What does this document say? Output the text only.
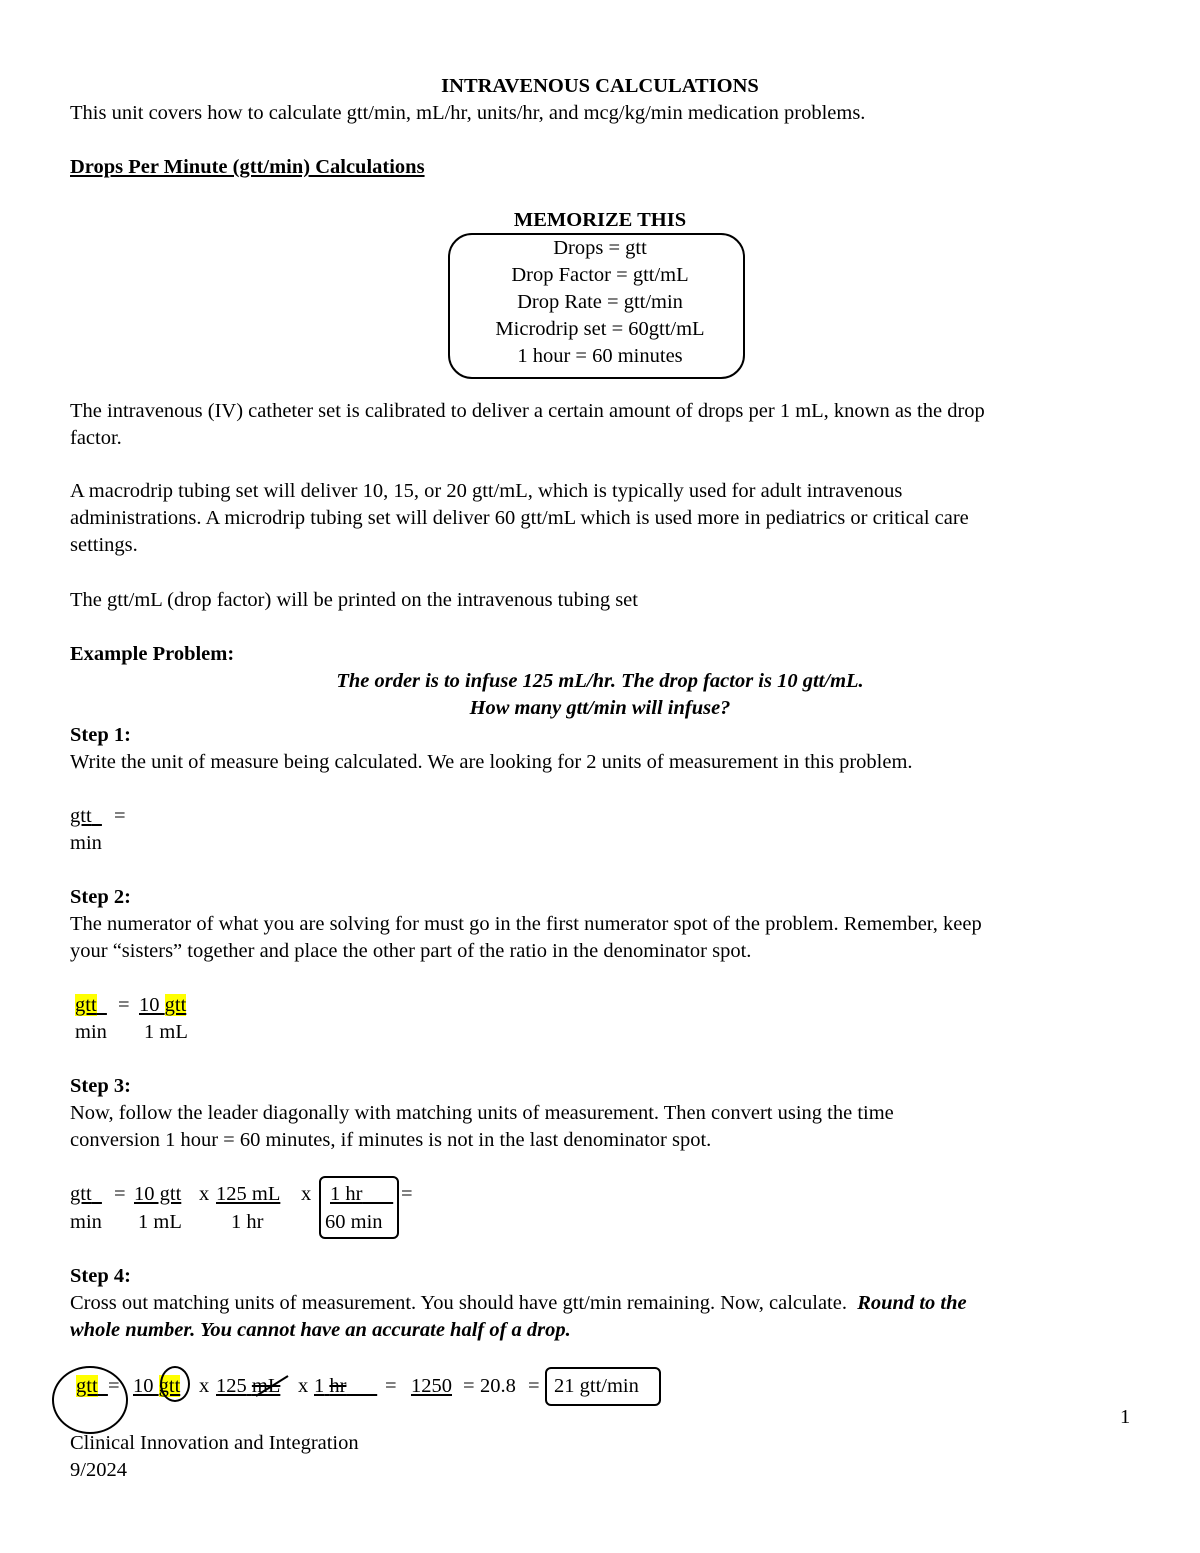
INTRAVENOUS CALCULATIONS
This unit covers how to calculate gtt/min, mL/hr, units/hr, and mcg/kg/min medication problems.
Drops Per Minute (gtt/min) Calculations
MEMORIZE THIS
Drops = gtt
Drop Factor = gtt/mL
Drop Rate = gtt/min
Microdrip set = 60gtt/mL
1 hour = 60 minutes
The intravenous (IV) catheter set is calibrated to deliver a certain amount of drops per 1 mL, known as the drop
factor.
A macrodrip tubing set will deliver 10, 15, or 20 gtt/mL, which is typically used for adult intravenous
administrations. A microdrip tubing set will deliver 60 gtt/mL which is used more in pediatrics or critical care
settings.
The gtt/mL (drop factor) will be printed on the intravenous tubing set
Example Problem:
The order is to infuse 125 mL/hr. The drop factor is 10 gtt/mL.
How many gtt/min will infuse?
Step 1:
Write the unit of measure being calculated. We are looking for 2 units of measurement in this problem.
gtt	=
min
Step 2:
The numerator of what you are solving for must go in the first numerator spot of the problem. Remember, keep
your “sisters” together and place the other part of the ratio in the denominator spot.
gtt	= 10 gtt
min 1 mL
Step 3:
Now, follow the leader diagonally with matching units of measurement. Then convert using the time
conversion 1 hour = 60 minutes, if minutes is not in the last denominator spot.
gtt	= 10 gtt x 125 mL x 1 hr	=
min 1 mL 1 hr	60 min
Step 4:
Cross out matching units of measurement. You should have gtt/min remaining. Now, calculate. Round to the
whole number. You cannot have an accurate half of a drop.
gtt = 10 gtt x 125 mL x 1 hr	= 1250 = 20.8 = 21 gtt/min
1
Clinical Innovation and Integration
9/2024
